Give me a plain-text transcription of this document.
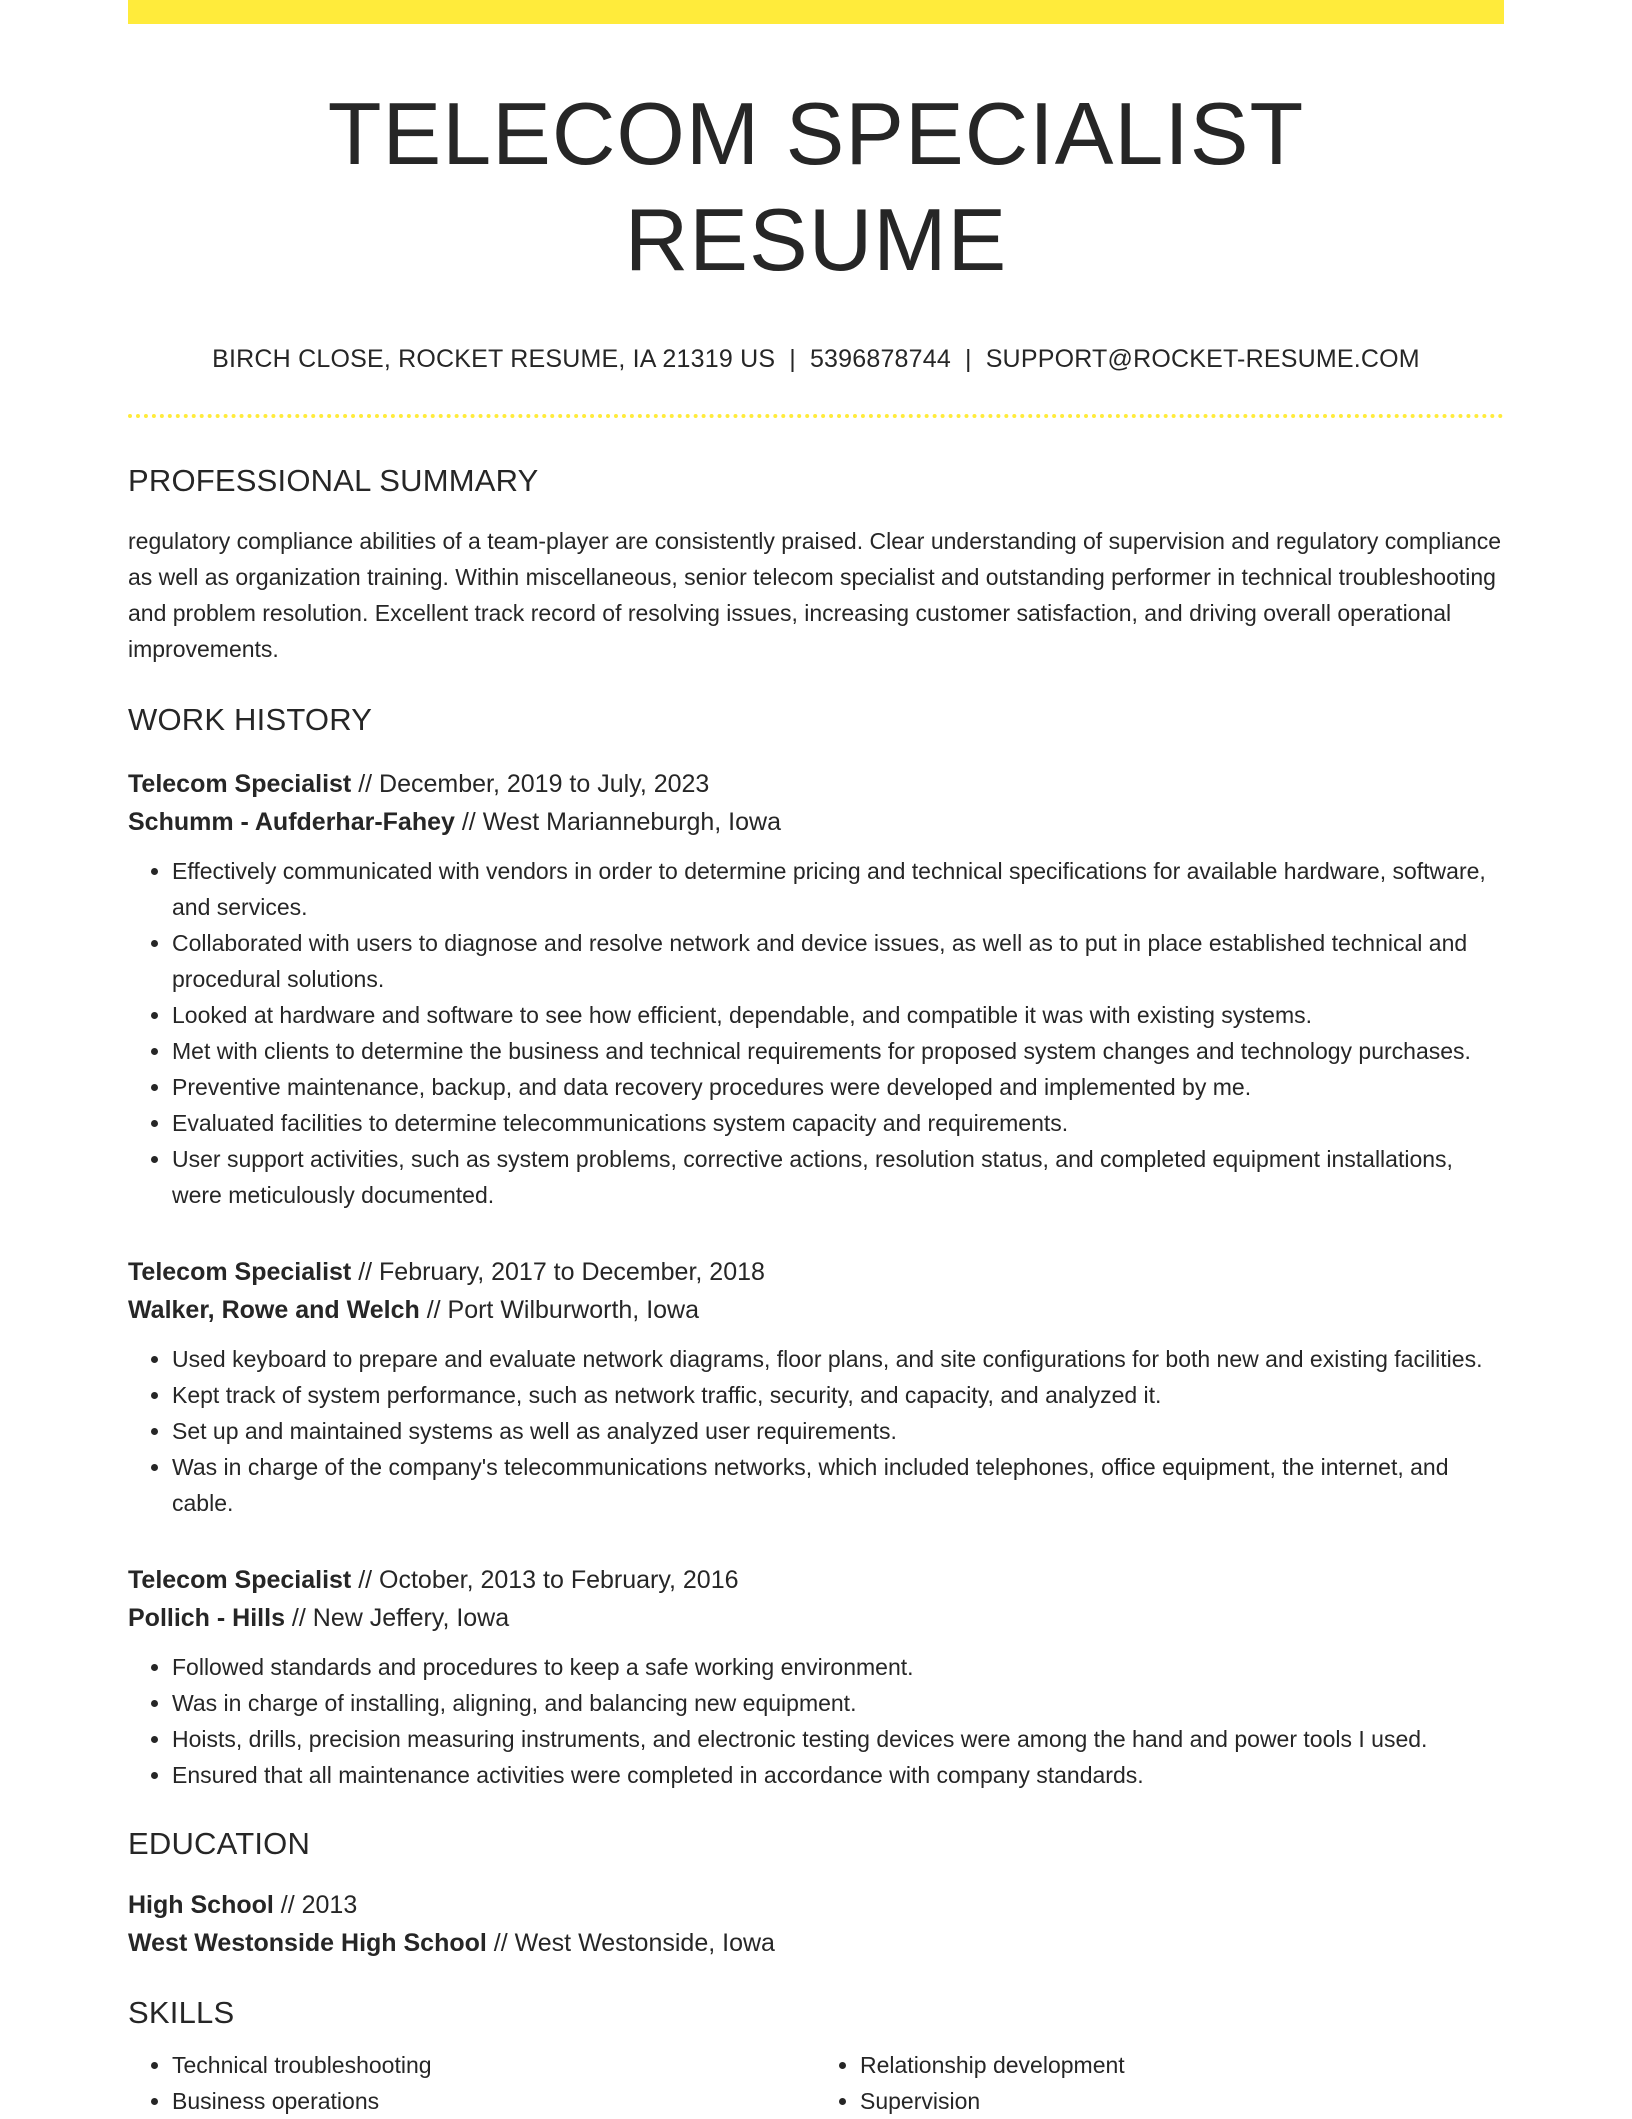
TELECOM SPECIALIST RESUME
BIRCH CLOSE, ROCKET RESUME, IA 21319 US | 5396878744 | SUPPORT@ROCKET-RESUME.COM
PROFESSIONAL SUMMARY
regulatory compliance abilities of a team-player are consistently praised. Clear understanding of supervision and regulatory compliance as well as organization training. Within miscellaneous, senior telecom specialist and outstanding performer in technical troubleshooting and problem resolution. Excellent track record of resolving issues, increasing customer satisfaction, and driving overall operational improvements.
WORK HISTORY
Telecom Specialist // December, 2019 to July, 2023
Schumm - Aufderhar-Fahey // West Marianneburgh, Iowa
• Effectively communicated with vendors in order to determine pricing and technical specifications for available hardware, software, and services.
• Collaborated with users to diagnose and resolve network and device issues, as well as to put in place established technical and procedural solutions.
• Looked at hardware and software to see how efficient, dependable, and compatible it was with existing systems.
• Met with clients to determine the business and technical requirements for proposed system changes and technology purchases.
• Preventive maintenance, backup, and data recovery procedures were developed and implemented by me.
• Evaluated facilities to determine telecommunications system capacity and requirements.
• User support activities, such as system problems, corrective actions, resolution status, and completed equipment installations, were meticulously documented.
Telecom Specialist // February, 2017 to December, 2018
Walker, Rowe and Welch // Port Wilburworth, Iowa
• Used keyboard to prepare and evaluate network diagrams, floor plans, and site configurations for both new and existing facilities.
• Kept track of system performance, such as network traffic, security, and capacity, and analyzed it.
• Set up and maintained systems as well as analyzed user requirements.
• Was in charge of the company's telecommunications networks, which included telephones, office equipment, the internet, and cable.
Telecom Specialist // October, 2013 to February, 2016
Pollich - Hills // New Jeffery, Iowa
• Followed standards and procedures to keep a safe working environment.
• Was in charge of installing, aligning, and balancing new equipment.
• Hoists, drills, precision measuring instruments, and electronic testing devices were among the hand and power tools I used.
• Ensured that all maintenance activities were completed in accordance with company standards.
EDUCATION
High School // 2013
West Westonside High School // West Westonside, Iowa
SKILLS
• Technical troubleshooting
• Business operations
• Relationship development
• Supervision
